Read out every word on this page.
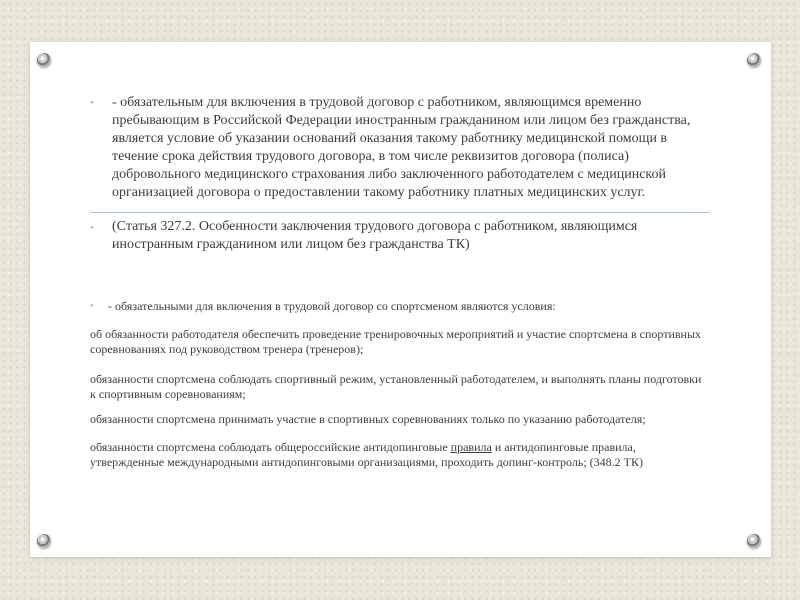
• - обязательным для включения в трудовой договор с работником, являющимся временно пребывающим в Российской Федерации иностранным гражданином или лицом без гражданства, является условие об указании оснований оказания такому работнику медицинской помощи в течение срока действия трудового договора, в том числе реквизитов договора (полиса) добровольного медицинского страхования либо заключенного работодателем с медицинской организацией договора о предоставлении такому работнику платных медицинских услуг.
• (Статья 327.2. Особенности заключения трудового договора с работником, являющимся иностранным гражданином или лицом без гражданства ТК)
• - обязательными для включения в трудовой договор со спортсменом являются условия:
об обязанности работодателя обеспечить проведение тренировочных мероприятий и участие спортсмена в спортивных соревнованиях под руководством тренера (тренеров);
обязанности спортсмена соблюдать спортивный режим, установленный работодателем, и выполнять планы подготовки к спортивным соревнованиям;
обязанности спортсмена принимать участие в спортивных соревнованиях только по указанию работодателя;
обязанности спортсмена соблюдать общероссийские антидопинговые правила и антидопинговые правила, утвержденные международными антидопинговыми организациями, проходить допинг-контроль; (348.2 ТК)
